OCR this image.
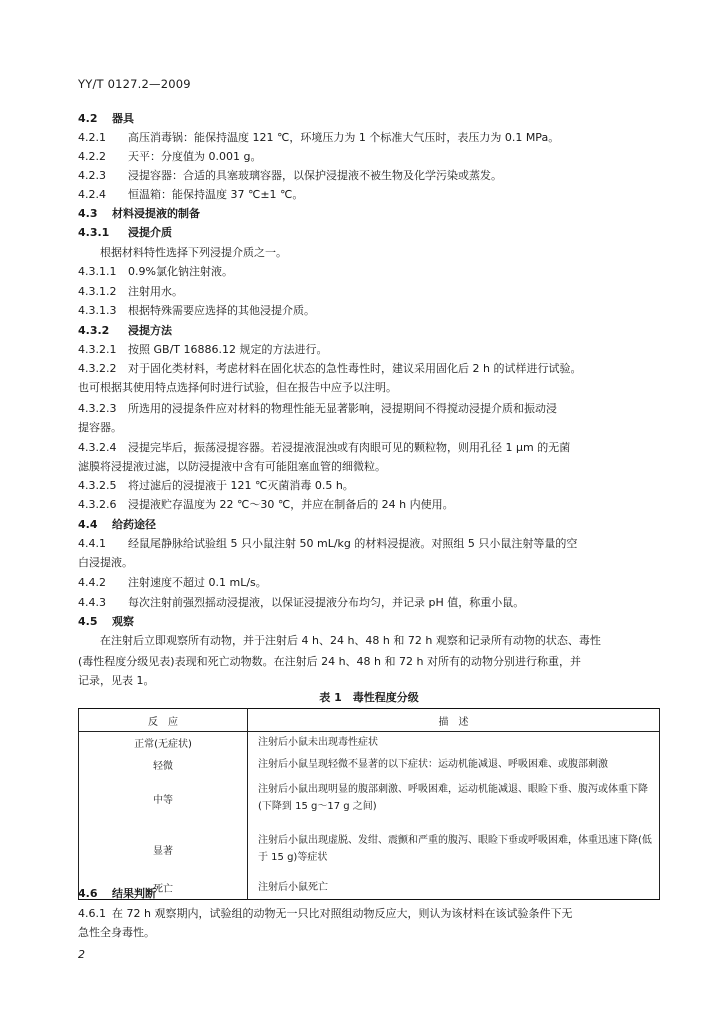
YY/T 0127.2—2009
4.2 器具
4.2.1 高压消毒锅：能保持温度 121 ℃，环境压力为 1 个标准大气压时，表压力为 0.1 MPa。
4.2.2 天平：分度值为 0.001 g。
4.2.3 浸提容器：合适的具塞玻璃容器，以保护浸提液不被生物及化学污染或蒸发。
4.2.4 恒温箱：能保持温度 37 ℃±1 ℃。
4.3 材料浸提液的制备
4.3.1 浸提介质
根据材料特性选择下列浸提介质之一。
4.3.1.1 0.9%氯化钠注射液。
4.3.1.2 注射用水。
4.3.1.3 根据特殊需要应选择的其他浸提介质。
4.3.2 浸提方法
4.3.2.1 按照 GB/T 16886.12 规定的方法进行。
4.3.2.2 对于固化类材料，考虑材料在固化状态的急性毒性时，建议采用固化后 2 h 的试样进行试验。
也可根据其使用特点选择何时进行试验，但在报告中应予以注明。
4.3.2.3 所选用的浸提条件应对材料的物理性能无显著影响，浸提期间不得搅动浸提介质和振动浸
提容器。
4.3.2.4 浸提完毕后，振荡浸提容器。若浸提液混浊或有肉眼可见的颗粒物，则用孔径 1 μm 的无菌
滤膜将浸提液过滤，以防浸提液中含有可能阻塞血管的细微粒。
4.3.2.5 将过滤后的浸提液于 121 ℃灭菌消毒 0.5 h。
4.3.2.6 浸提液贮存温度为 22 ℃～30 ℃，并应在制备后的 24 h 内使用。
4.4 给药途径
4.4.1 经鼠尾静脉给试验组 5 只小鼠注射 50 mL/kg 的材料浸提液。对照组 5 只小鼠注射等量的空
白浸提液。
4.4.2 注射速度不超过 0.1 mL/s。
4.4.3 每次注射前强烈摇动浸提液，以保证浸提液分布均匀，并记录 pH 值，称重小鼠。
4.5 观察
在注射后立即观察所有动物，并于注射后 4 h、24 h、48 h 和 72 h 观察和记录所有动物的状态、毒性
(毒性程度分级见表)表现和死亡动物数。在注射后 24 h、48 h 和 72 h 对所有的动物分别进行称重，并
记录，见表 1。
表 1　毒性程度分级
反　应	描　述
正常(无症状)	注射后小鼠未出现毒性症状
轻微	注射后小鼠呈现轻微不显著的以下症状：运动机能减退、呼吸困难、或腹部刺激
中等	注射后小鼠出现明显的腹部刺激、呼吸困难，运动机能减退、眼睑下垂、腹泻或体重下降(下降到 15 g～17 g 之间)
显著	注射后小鼠出现虚脱、发绀、震颤和严重的腹泻、眼睑下垂或呼吸困难，体重迅速下降(低于 15 g)等症状
死亡	注射后小鼠死亡
4.6 结果判断
4.6.1 在 72 h 观察期内，试验组的动物无一只比对照组动物反应大，则认为该材料在该试验条件下无
急性全身毒性。
2
